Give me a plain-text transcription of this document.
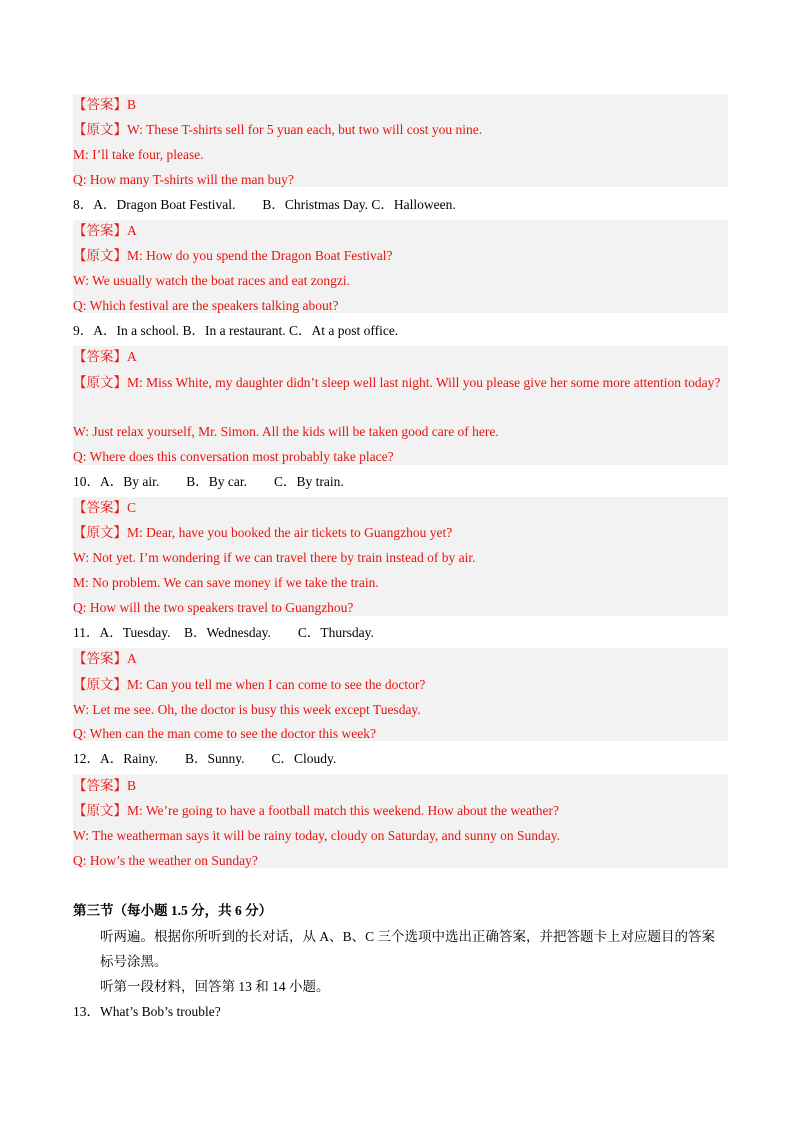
【答案】B
【原文】W: These T-shirts sell for 5 yuan each, but two will cost you nine.
M: I’ll take four, please.
Q: How many T-shirts will the man buy?
8．A．Dragon Boat Festival.　　B．Christmas Day. C．Halloween.
【答案】A
【原文】M: How do you spend the Dragon Boat Festival?
W: We usually watch the boat races and eat zongzi.
Q: Which festival are the speakers talking about?
9．A．In a school. B．In a restaurant. C．At a post office.
【答案】A
【原文】M: Miss White, my daughter didn’t sleep well last night. Will you please give her some more attention today?
W: Just relax yourself, Mr. Simon. All the kids will be taken good care of here.
Q: Where does this conversation most probably take place?
10．A．By air.　　B．By car.　　C．By train.
【答案】C
【原文】M: Dear, have you booked the air tickets to Guangzhou yet?
W: Not yet. I’m wondering if we can travel there by train instead of by air.
M: No problem. We can save money if we take the train.
Q: How will the two speakers travel to Guangzhou?
11．A．Tuesday.　B．Wednesday.　　C．Thursday.
【答案】A
【原文】M: Can you tell me when I can come to see the doctor?
W: Let me see. Oh, the doctor is busy this week except Tuesday.
Q: When can the man come to see the doctor this week?
12．A．Rainy.　　B．Sunny.　　C．Cloudy.
【答案】B
【原文】M: We’re going to have a football match this weekend. How about the weather?
W: The weatherman says it will be rainy today, cloudy on Saturday, and sunny on Sunday.
Q: How’s the weather on Sunday?
第三节（每小题 1.5 分，共 6 分）
听两遍。根据你所听到的长对话，从 A、B、C 三个选项中选出正确答案，并把答题卡上对应题目的答案标号涂黑。
听第一段材料，回答第 13 和 14 小题。
13．What’s Bob’s trouble?
